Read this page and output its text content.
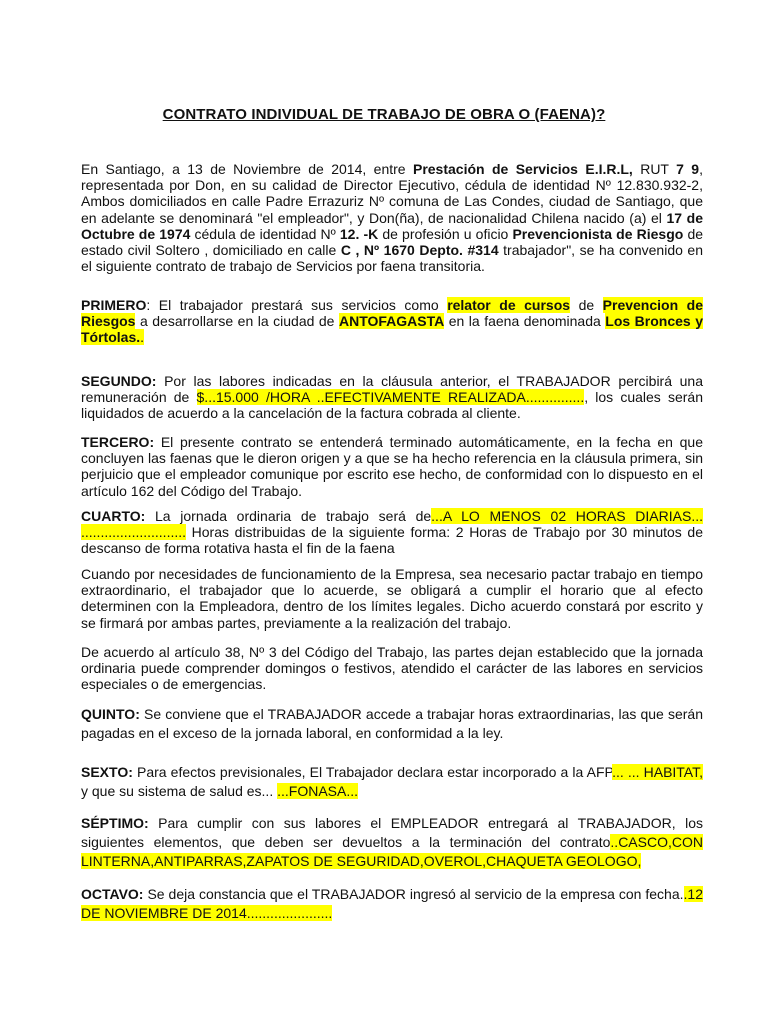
CONTRATO INDIVIDUAL DE TRABAJO DE OBRA O (FAENA)?

En Santiago, a 13 de Noviembre de 2014, entre Prestación de Servicios E.I.R.L, RUT 7 9, representada por Don, en su calidad de Director Ejecutivo, cédula de identidad Nº 12.830.932-2, Ambos domiciliados en calle Padre Errazuriz Nº comuna de Las Condes, ciudad de Santiago, que en adelante se denominará "el empleador", y Don(ña), de nacionalidad Chilena nacido (a) el 17 de Octubre de 1974 cédula de identidad Nº 12. -K de profesión u oficio Prevencionista de Riesgo de estado civil Soltero , domiciliado en calle C , Nº 1670 Depto. #314 trabajador", se ha convenido en el siguiente contrato de trabajo de Servicios por faena transitoria.

PRIMERO: El trabajador prestará sus servicios como relator de cursos de Prevencion de Riesgos a desarrollarse en la ciudad de ANTOFAGASTA en la faena denominada Los Bronces y Tórtolas..

SEGUNDO: Por las labores indicadas en la cláusula anterior, el TRABAJADOR percibirá una remuneración de $...15.000 /HORA ..EFECTIVAMENTE REALIZADA..............., los cuales serán liquidados de acuerdo a la cancelación de la factura cobrada al cliente.

TERCERO: El presente contrato se entenderá terminado automáticamente, en la fecha en que concluyen las faenas que le dieron origen y a que se ha hecho referencia en la cláusula primera, sin perjuicio que el empleador comunique por escrito ese hecho, de conformidad con lo dispuesto en el artículo 162 del Código del Trabajo.

CUARTO: La jornada ordinaria de trabajo será de...A LO MENOS 02 HORAS DIARIAS... ........................... Horas distribuidas de la siguiente forma: 2 Horas de Trabajo por 30 minutos de descanso de forma rotativa hasta el fin de la faena

Cuando por necesidades de funcionamiento de la Empresa, sea necesario pactar trabajo en tiempo extraordinario, el trabajador que lo acuerde, se obligará a cumplir el horario que al efecto determinen con la Empleadora, dentro de los límites legales. Dicho acuerdo constará por escrito y se firmará por ambas partes, previamente a la realización del trabajo.

De acuerdo al artículo 38, Nº 3 del Código del Trabajo, las partes dejan establecido que la jornada ordinaria puede comprender domingos o festivos, atendido el carácter de las labores en servicios especiales o de emergencias.

QUINTO: Se conviene que el TRABAJADOR accede a trabajar horas extraordinarias, las que serán pagadas en el exceso de la jornada laboral, en conformidad a la ley.

SEXTO: Para efectos previsionales, El Trabajador declara estar incorporado a la AFP... ... HABITAT, y que su sistema de salud es... ...FONASA...

SÉPTIMO: Para cumplir con sus labores el EMPLEADOR entregará al TRABAJADOR, los siguientes elementos, que deben ser devueltos a la terminación del contrato..CASCO,CON LINTERNA,ANTIPARRAS,ZAPATOS DE SEGURIDAD,OVEROL,CHAQUETA GEOLOGO,

OCTAVO: Se deja constancia que el TRABAJADOR ingresó al servicio de la empresa con fecha..12 DE NOVIEMBRE DE 2014......................
